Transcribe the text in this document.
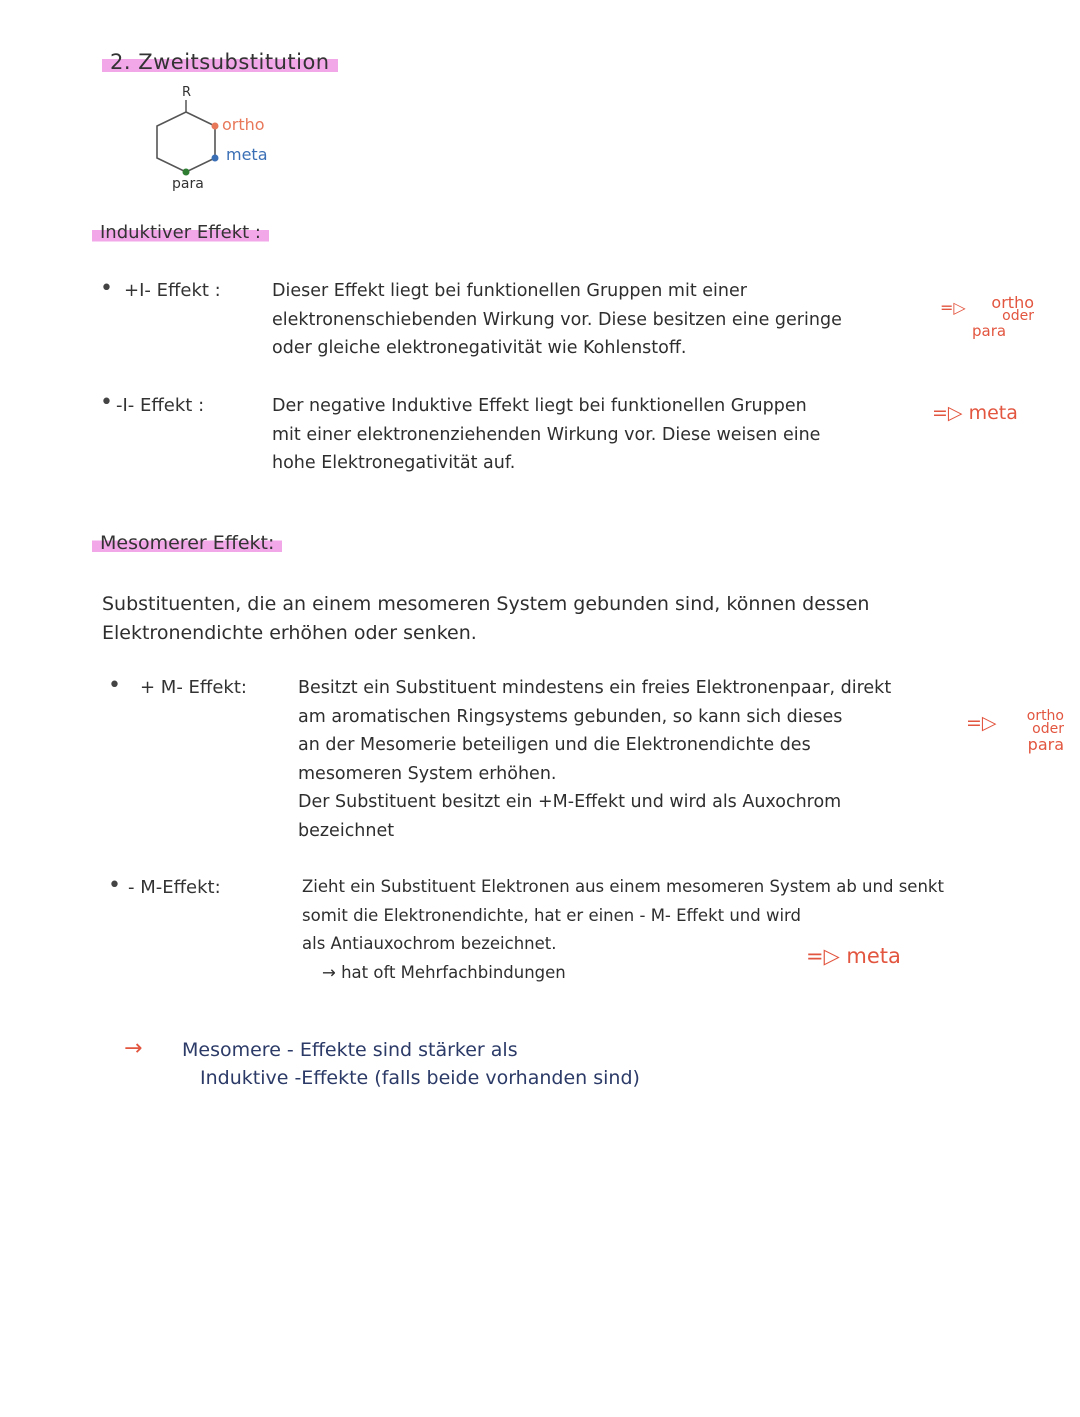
2. Zweitsubstitution
R
ortho
meta
para
Induktiver Effekt :
• +I- Effekt :	Dieser Effekt liegt bei funktionellen Gruppen mit einer
elektronenschiebenden Wirkung vor. Diese besitzen eine geringe
oder gleiche elektronegativität wie Kohlenstoff.
=▷	ortho
oder
para
• -I- Effekt :	Der negative Induktive Effekt liegt bei funktionellen Gruppen
mit einer elektronenziehenden Wirkung vor. Diese weisen eine
hohe Elektronegativität auf.
=▷ meta
Mesomerer Effekt:
Substituenten, die an einem mesomeren System gebunden sind, können dessen
Elektronendichte erhöhen oder senken.
• + M- Effekt:	Besitzt ein Substituent mindestens ein freies Elektronenpaar, direkt
am aromatischen Ringsystems gebunden, so kann sich dieses
an der Mesomerie beteiligen und die Elektronendichte des
mesomeren System erhöhen.
Der Substituent besitzt ein +M-Effekt und wird als Auxochrom
bezeichnet
=▷	ortho
oder
para
• - M-Effekt:	Zieht ein Substituent Elektronen aus einem mesomeren System ab und senkt
somit die Elektronendichte, hat er einen - M- Effekt und wird
als Antiauxochrom bezeichnet.
→ hat oft Mehrfachbindungen
=▷ meta
→ Mesomere - Effekte sind stärker als
Induktive -Effekte (falls beide vorhanden sind)
